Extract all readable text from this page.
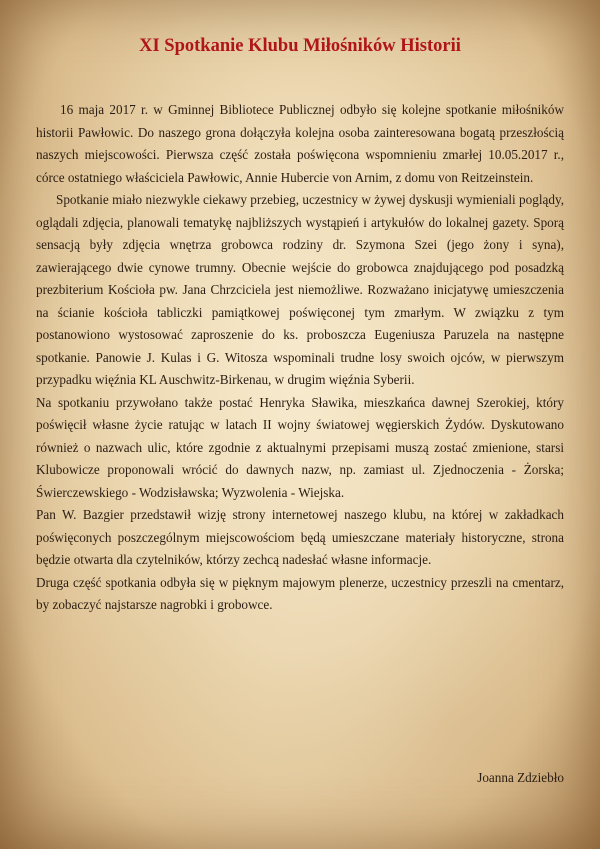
XI Spotkanie Klubu Miłośników Historii

16 maja 2017 r. w Gminnej Bibliotece Publicznej odbyło się kolejne spotkanie miłośników historii Pawłowic. Do naszego grona dołączyła kolejna osoba zainteresowana bogatą przeszłością naszych miejscowości. Pierwsza część została poświęcona wspomnieniu zmarłej 10.05.2017 r., córce ostatniego właściciela Pawłowic, Annie Hubercie von Arnim, z domu von Reitzeinstein.

Spotkanie miało niezwykle ciekawy przebieg, uczestnicy w żywej dyskusji wymieniali poglądy, oglądali zdjęcia, planowali tematykę najbliższych wystąpień i artykułów do lokalnej gazety. Sporą sensacją były zdjęcia wnętrza grobowca rodziny dr. Szymona Szei (jego żony i syna), zawierającego dwie cynowe trumny. Obecnie wejście do grobowca znajdującego pod posadzką prezbiterium Kościoła pw. Jana Chrzciciela jest niemożliwe. Rozważano inicjatywę umieszczenia na ścianie kościoła tabliczki pamiątkowej poświęconej tym zmarłym. W związku z tym postanowiono wystosować zaproszenie do ks. proboszcza Eugeniusza Paruzela na następne spotkanie. Panowie J. Kulas i G. Witosza wspominali trudne losy swoich ojców, w pierwszym przypadku więźnia KL Auschwitz-Birkenau, w drugim więźnia Syberii.

Na spotkaniu przywołano także postać Henryka Sławika, mieszkańca dawnej Szerokiej, który poświęcił własne życie ratując w latach II wojny światowej węgierskich Żydów. Dyskutowano również o nazwach ulic, które zgodnie z aktualnymi przepisami muszą zostać zmienione, starsi Klubowicze proponowali wrócić do dawnych nazw, np. zamiast ul. Zjednoczenia - Żorska; Świerczewskiego - Wodzisławska; Wyzwolenia - Wiejska.

Pan W. Bazgier przedstawił wizję strony internetowej naszego klubu, na której w zakładkach poświęconych poszczególnym miejscowościom będą umieszczane materiały historyczne, strona będzie otwarta dla czytelników, którzy zechcą nadesłać własne informacje.

Druga część spotkania odbyła się w pięknym majowym plenerze, uczestnicy przeszli na cmentarz, by zobaczyć najstarsze nagrobki i grobowce.

Joanna Zdziebło
